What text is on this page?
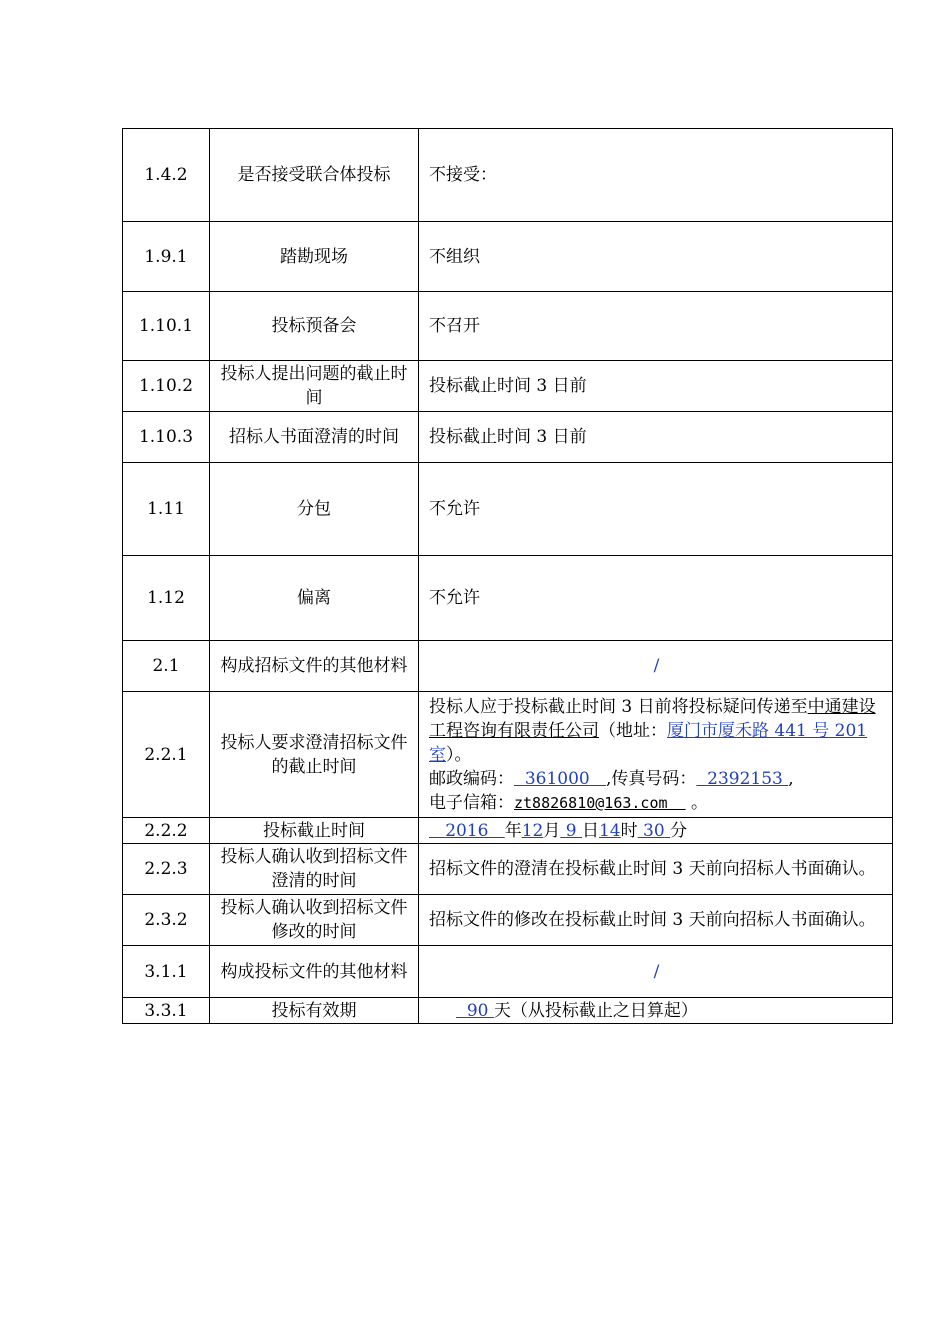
1.4.2	是否接受联合体投标	不接受：
1.9.1	踏勘现场	不组织
1.10.1	投标预备会	不召开
1.10.2	投标人提出问题的截止时间	投标截止时间 3 日前
1.10.3	招标人书面澄清的时间	投标截止时间 3 日前
1.11	分包	不允许
1.12	偏离	不允许
2.1	构成招标文件的其他材料	/
2.2.1	投标人要求澄清招标文件的截止时间	投标人应于投标截止时间 3 日前将投标疑问传递至中通建设工程咨询有限责任公司（地址：厦门市厦禾路 441 号 201 室）。
邮政编码： 361000 ,传真号码： 2392153 ,
电子信箱：zt8826810@163.com 。

2.2.2	投标截止时间	2016 年12月 9 日14时 30 分
2.2.3	投标人确认收到招标文件澄清的时间	招标文件的澄清在投标截止时间 3 天前向招标人书面确认。
2.3.2	投标人确认收到招标文件修改的时间	招标文件的修改在投标截止时间 3 天前向招标人书面确认。
3.1.1	构成投标文件的其他材料	/
3.3.1	投标有效期	90 天（从投标截止之日算起）
